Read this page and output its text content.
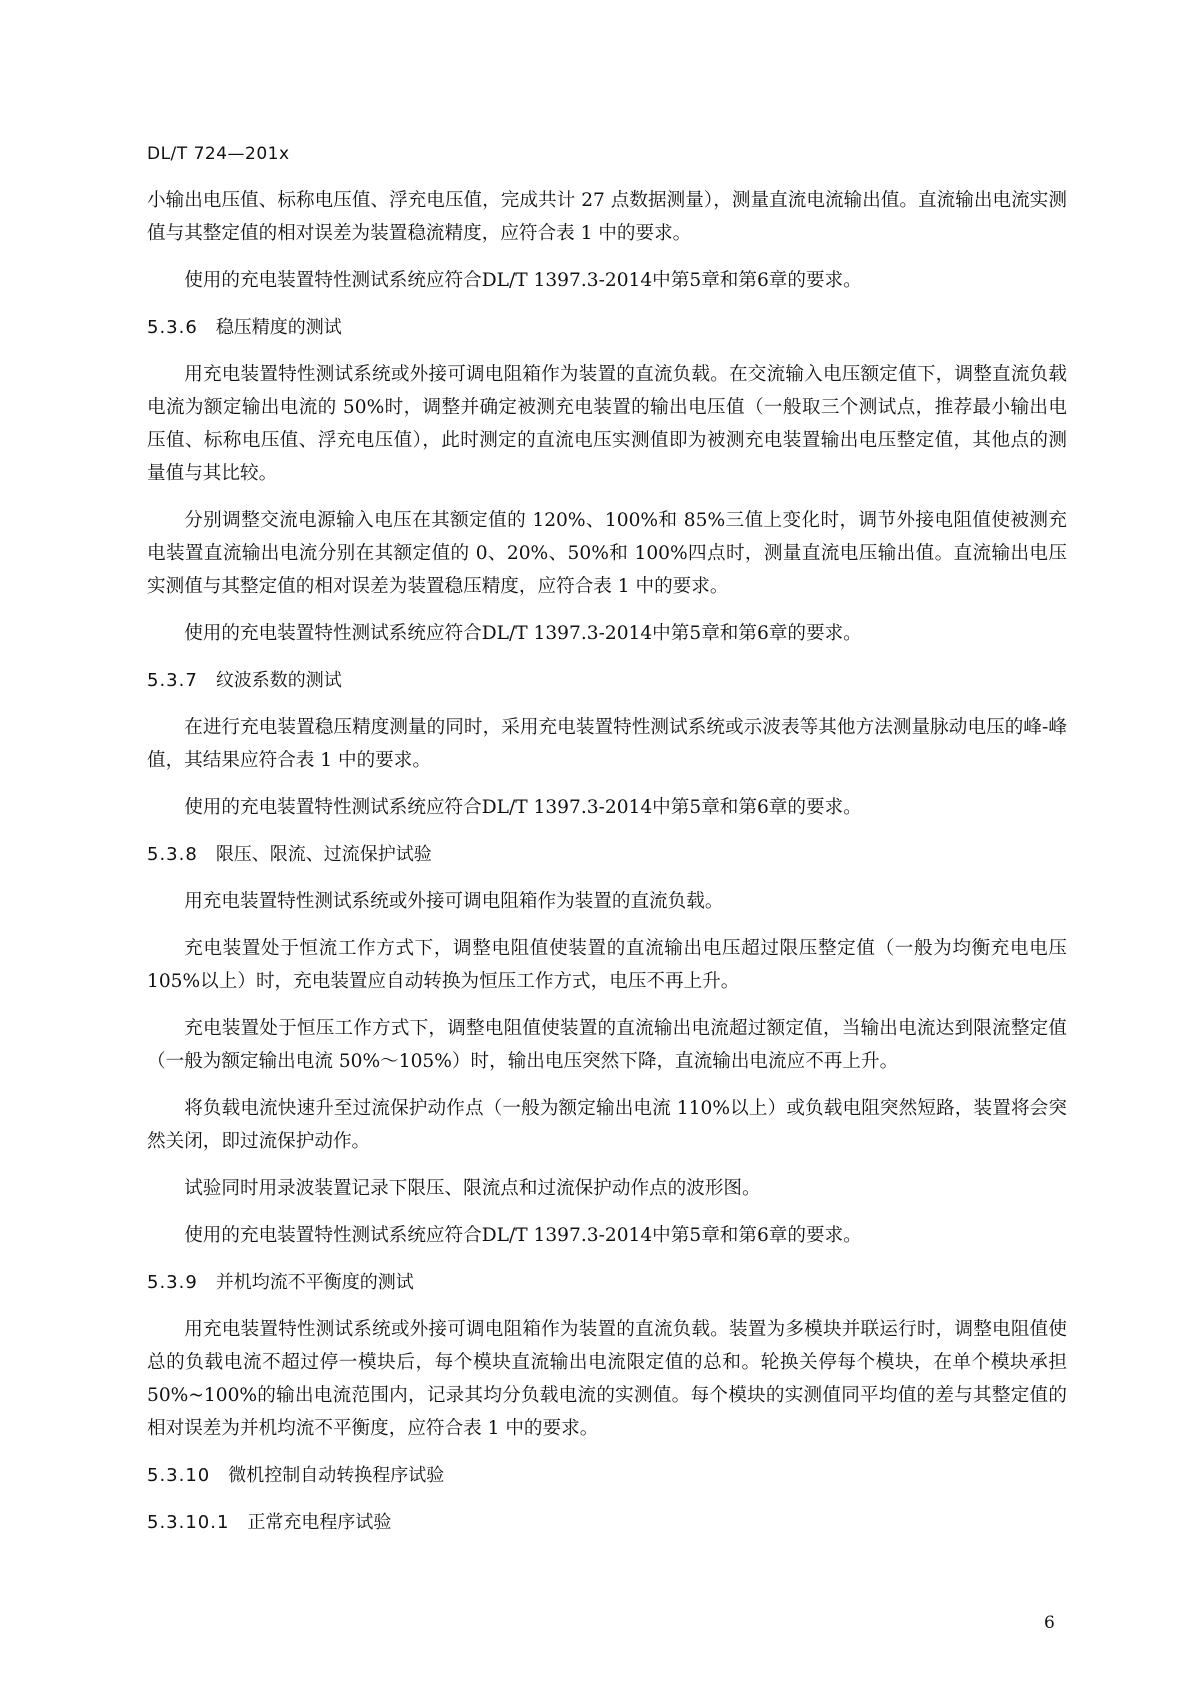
DL/T 724—201x

小输出电压值、标称电压值、浮充电压值，完成共计 27 点数据测量），测量直流电流输出值。直流输出电流实测值与其整定值的相对误差为装置稳流精度，应符合表 1 中的要求。

使用的充电装置特性测试系统应符合DL/T 1397.3-2014中第5章和第6章的要求。

5.3.6 稳压精度的测试

用充电装置特性测试系统或外接可调电阻箱作为装置的直流负载。在交流输入电压额定值下，调整直流负载电流为额定输出电流的 50%时，调整并确定被测充电装置的输出电压值（一般取三个测试点，推荐最小输出电压值、标称电压值、浮充电压值），此时测定的直流电压实测值即为被测充电装置输出电压整定值，其他点的测量值与其比较。

分别调整交流电源输入电压在其额定值的 120%、100%和 85%三值上变化时，调节外接电阻值使被测充电装置直流输出电流分别在其额定值的 0、20%、50%和 100%四点时，测量直流电压输出值。直流输出电压实测值与其整定值的相对误差为装置稳压精度，应符合表 1 中的要求。

使用的充电装置特性测试系统应符合DL/T 1397.3-2014中第5章和第6章的要求。

5.3.7 纹波系数的测试

在进行充电装置稳压精度测量的同时，采用充电装置特性测试系统或示波表等其他方法测量脉动电压的峰-峰值，其结果应符合表 1 中的要求。

使用的充电装置特性测试系统应符合DL/T 1397.3-2014中第5章和第6章的要求。

5.3.8 限压、限流、过流保护试验

用充电装置特性测试系统或外接可调电阻箱作为装置的直流负载。

充电装置处于恒流工作方式下，调整电阻值使装置的直流输出电压超过限压整定值（一般为均衡充电电压105%以上）时，充电装置应自动转换为恒压工作方式，电压不再上升。

充电装置处于恒压工作方式下，调整电阻值使装置的直流输出电流超过额定值，当输出电流达到限流整定值（一般为额定输出电流 50%～105%）时，输出电压突然下降，直流输出电流应不再上升。

将负载电流快速升至过流保护动作点（一般为额定输出电流 110%以上）或负载电阻突然短路，装置将会突然关闭，即过流保护动作。

试验同时用录波装置记录下限压、限流点和过流保护动作点的波形图。

使用的充电装置特性测试系统应符合DL/T 1397.3-2014中第5章和第6章的要求。

5.3.9 并机均流不平衡度的测试

用充电装置特性测试系统或外接可调电阻箱作为装置的直流负载。装置为多模块并联运行时，调整电阻值使总的负载电流不超过停一模块后，每个模块直流输出电流限定值的总和。轮换关停每个模块，在单个模块承担 50%~100%的输出电流范围内，记录其均分负载电流的实测值。每个模块的实测值同平均值的差与其整定值的相对误差为并机均流不平衡度，应符合表 1 中的要求。

5.3.10 微机控制自动转换程序试验
5.3.10.1 正常充电程序试验
6
